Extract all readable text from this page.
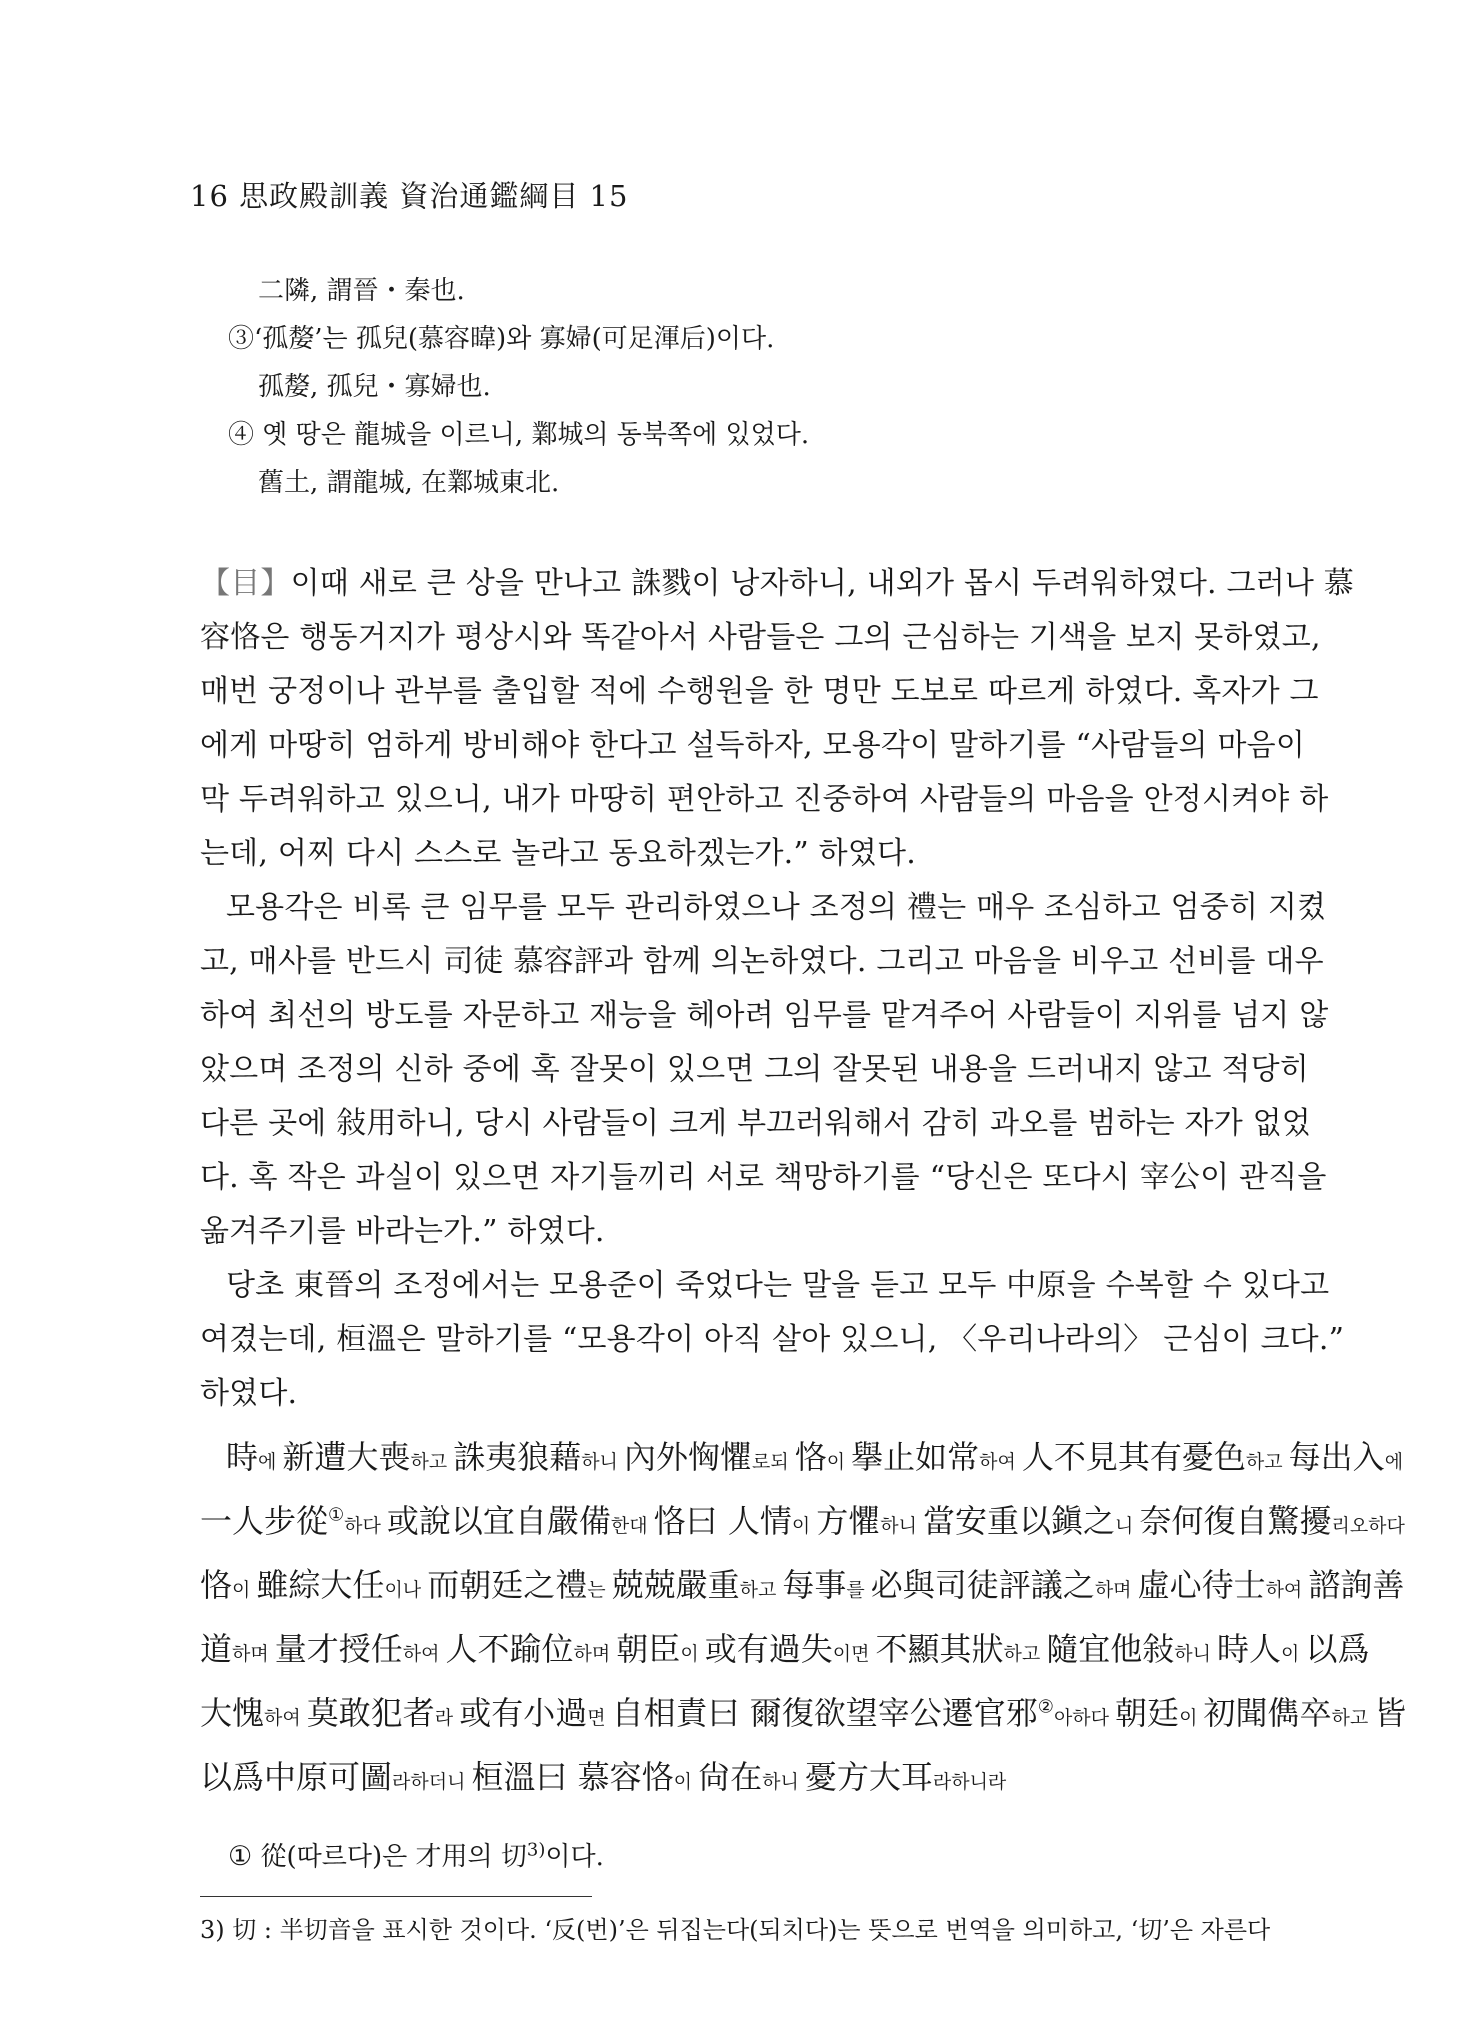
16 思政殿訓義 資治通鑑綱目 15
二隣, 謂晉・秦也.
③‘孤嫠’는 孤兒(慕容暐)와 寡婦(可足渾后)이다.
孤嫠, 孤兒・寡婦也.
④ 옛 땅은 龍城을 이르니, 鄴城의 동북쪽에 있었다.
舊土, 謂龍城, 在鄴城東北.
【目】이때 새로 큰 상을 만나고 誅戮이 낭자하니, 내외가 몹시 두려워하였다. 그러나 慕
容恪은 행동거지가 평상시와 똑같아서 사람들은 그의 근심하는 기색을 보지 못하였고,
매번 궁정이나 관부를 출입할 적에 수행원을 한 명만 도보로 따르게 하였다. 혹자가 그
에게 마땅히 엄하게 방비해야 한다고 설득하자, 모용각이 말하기를 “사람들의 마음이
막 두려워하고 있으니, 내가 마땅히 편안하고 진중하여 사람들의 마음을 안정시켜야 하
는데, 어찌 다시 스스로 놀라고 동요하겠는가.” 하였다.
모용각은 비록 큰 임무를 모두 관리하였으나 조정의 禮는 매우 조심하고 엄중히 지켰
고, 매사를 반드시 司徒 慕容評과 함께 의논하였다. 그리고 마음을 비우고 선비를 대우
하여 최선의 방도를 자문하고 재능을 헤아려 임무를 맡겨주어 사람들이 지위를 넘지 않
았으며 조정의 신하 중에 혹 잘못이 있으면 그의 잘못된 내용을 드러내지 않고 적당히
다른 곳에 敍用하니, 당시 사람들이 크게 부끄러워해서 감히 과오를 범하는 자가 없었
다. 혹 작은 과실이 있으면 자기들끼리 서로 책망하기를 “당신은 또다시 宰公이 관직을
옮겨주기를 바라는가.” 하였다.
당초 東晉의 조정에서는 모용준이 죽었다는 말을 듣고 모두 中原을 수복할 수 있다고
여겼는데, 桓溫은 말하기를 “모용각이 아직 살아 있으니, 〈우리나라의〉 근심이 크다.”
하였다.
時에 新遭大喪하고 誅夷狼藉하니 內外恟懼로되 恪이 擧止如常하여 人不見其有憂色하고 每出入에
一人步從①하다 或說以宜自嚴備한대 恪曰 人情이 方懼하니 當安重以鎭之니 奈何復自驚擾리오하다
恪이 雖綜大任이나 而朝廷之禮는 兢兢嚴重하고 每事를 必與司徒評議之하며 虛心待士하여 諮詢善
道하며 量才授任하여 人不踰位하며 朝臣이 或有過失이면 不顯其狀하고 隨宜他敍하니 時人이 以爲
大愧하여 莫敢犯者라 或有小過면 自相責曰 爾復欲望宰公遷官邪②아하다 朝廷이 初聞儁卒하고 皆
以爲中原可圖라하더니 桓溫曰 慕容恪이 尙在하니 憂方大耳라하니라
① 從(따르다)은 才用의 切$^{3)}$이다.
3) 切 : 半切音을 표시한 것이다. ‘反(번)’은 뒤집는다(되치다)는 뜻으로 번역을 의미하고, ‘切’은 자른다
